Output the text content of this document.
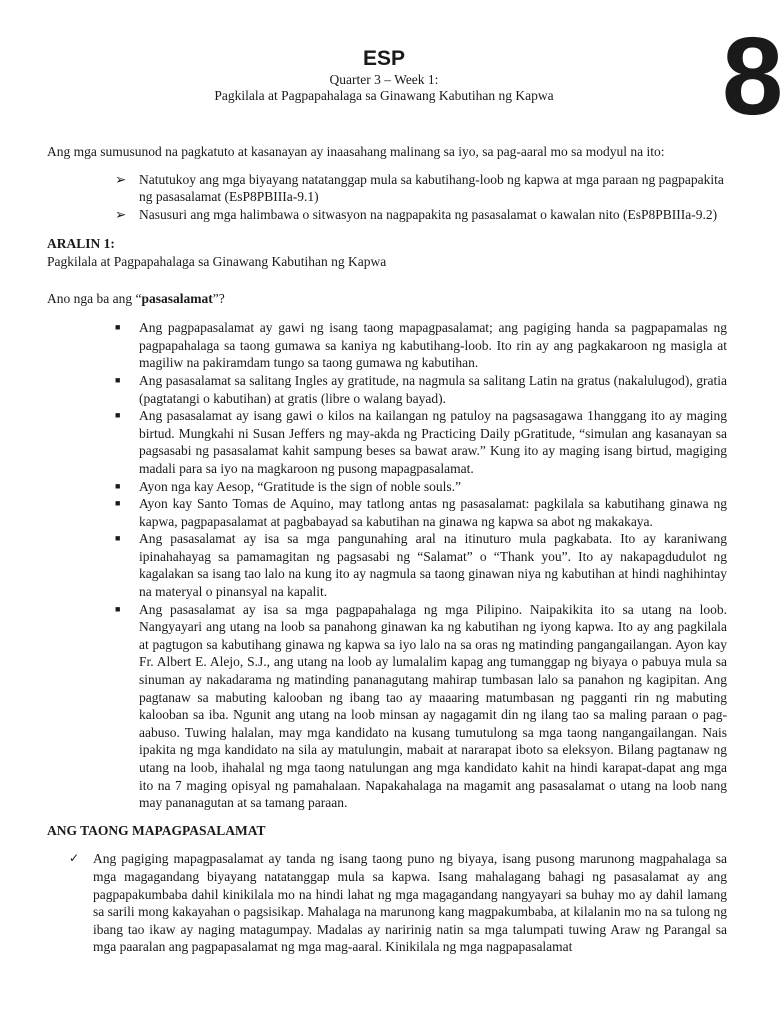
8
ESP
Quarter 3 – Week 1:
Pagkilala at Pagpapahalaga sa Ginawang Kabutihan ng Kapwa

Ang mga sumusunod na pagkatuto at kasanayan ay inaasahang malinang sa iyo, sa pag-aaral mo sa modyul na ito:

➢ Natutukoy ang mga biyayang natatanggap mula sa kabutihang-loob ng kapwa at mga paraan ng pagpapakita ng pasasalamat (EsP8PBIIIa-9.1)
➢ Nasusuri ang mga halimbawa o sitwasyon na nagpapakita ng pasasalamat o kawalan nito (EsP8PBIIIa-9.2)

ARALIN 1:

Pagkilala at Pagpapahalaga sa Ginawang Kabutihan ng Kapwa

Ano nga ba ang “pasasalamat”?

■ Ang pagpapasalamat ay gawi ng isang taong mapagpasalamat; ang pagiging handa sa pagpapamalas ng pagpapahalaga sa taong gumawa sa kaniya ng kabutihang-loob. Ito rin ay ang pagkakaroon ng masigla at magiliw na pakiramdam tungo sa taong gumawa ng kabutihan.
■ Ang pasasalamat sa salitang Ingles ay gratitude, na nagmula sa salitang Latin na gratus (nakalulugod), gratia (pagtatangi o kabutihan) at gratis (libre o walang bayad).
■ Ang pasasalamat ay isang gawi o kilos na kailangan ng patuloy na pagsasagawa 1hanggang ito ay maging birtud. Mungkahi ni Susan Jeffers ng may-akda ng Practicing Daily pGratitude, “simulan ang kasanayan sa pagsasabi ng pasasalamat kahit sampung beses sa bawat araw.” Kung ito ay maging isang birtud, magiging madali para sa iyo na magkaroon ng pusong mapagpasalamat.
■ Ayon nga kay Aesop, “Gratitude is the sign of noble souls.”
■ Ayon kay Santo Tomas de Aquino, may tatlong antas ng pasasalamat: pagkilala sa kabutihang ginawa ng kapwa, pagpapasalamat at pagbabayad sa kabutihan na ginawa ng kapwa sa abot ng makakaya.
■ Ang pasasalamat ay isa sa mga pangunahing aral na itinuturo mula pagkabata. Ito ay karaniwang ipinahahayag sa pamamagitan ng pagsasabi ng “Salamat” o “Thank you”. Ito ay nakapagdudulot ng kagalakan sa isang tao lalo na kung ito ay nagmula sa taong ginawan niya ng kabutihan at hindi naghihintay na materyal o pinansyal na kapalit.
■ Ang pasasalamat ay isa sa mga pagpapahalaga ng mga Pilipino. Naipakikita ito sa utang na loob. Nangyayari ang utang na loob sa panahong ginawan ka ng kabutihan ng iyong kapwa. Ito ay ang pagkilala at pagtugon sa kabutihang ginawa ng kapwa sa iyo lalo na sa oras ng matinding pangangailangan. Ayon kay Fr. Albert E. Alejo, S.J., ang utang na loob ay lumalalim kapag ang tumanggap ng biyaya o pabuya mula sa sinuman ay nakadarama ng matinding pananagutang mahirap tumbasan lalo sa panahon ng kagipitan. Ang pagtanaw sa mabuting kalooban ng ibang tao ay maaaring matumbasan ng pagganti rin ng mabuting kalooban sa iba. Ngunit ang utang na loob minsan ay nagagamit din ng ilang tao sa maling paraan o pag-aabuso. Tuwing halalan, may mga kandidato na kusang tumutulong sa mga taong nangangailangan. Nais ipakita ng mga kandidato na sila ay matulungin, mabait at nararapat iboto sa eleksyon. Bilang pagtanaw ng utang na loob, ihahalal ng mga taong natulungan ang mga kandidato kahit na hindi karapat-dapat ang mga ito na 7 maging opisyal ng pamahalaan. Napakahalaga na magamit ang pasasalamat o utang na loob nang may pananagutan at sa tamang paraan.

ANG TAONG MAPAGPASALAMAT

✓ Ang pagiging mapagpasalamat ay tanda ng isang taong puno ng biyaya, isang pusong marunong magpahalaga sa mga magagandang biyayang natatanggap mula sa kapwa. Isang mahalagang bahagi ng pasasalamat ay ang pagpapakumbaba dahil kinikilala mo na hindi lahat ng mga magagandang nangyayari sa buhay mo ay dahil lamang sa sarili mong kakayahan o pagsisikap. Mahalaga na marunong kang magpakumbaba, at kilalanin mo na sa tulong ng ibang tao ikaw ay naging matagumpay. Madalas ay naririnig natin sa mga talumpati tuwing Araw ng Parangal sa mga paaralan ang pagpapasalamat ng mga mag-aaral. Kinikilala ng mga nagpapasalamat
